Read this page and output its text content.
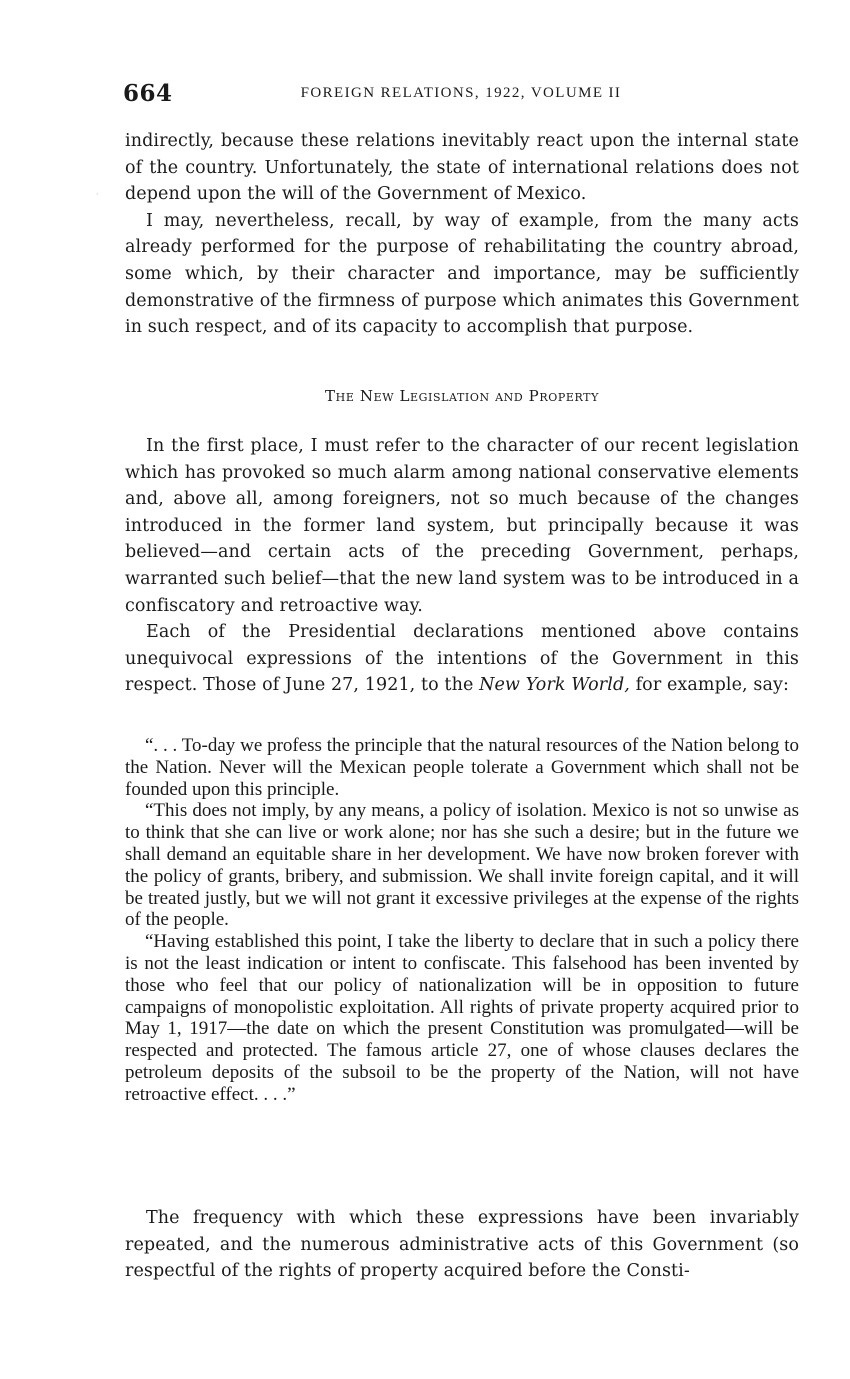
664	FOREIGN RELATIONS, 1922, VOLUME II
·

indirectly, because these relations inevitably react upon the internal state of the country. Unfortunately, the state of international relations does not depend upon the will of the Government of Mexico.

I may, nevertheless, recall, by way of example, from the many acts already performed for the purpose of rehabilitating the country abroad, some which, by their character and importance, may be sufficiently demonstrative of the firmness of purpose which animates this Government in such respect, and of its capacity to accomplish that purpose.

The New Legislation and Property

In the first place, I must refer to the character of our recent legislation which has provoked so much alarm among national conservative elements and, above all, among foreigners, not so much because of the changes introduced in the former land system, but principally because it was believed—and certain acts of the preceding Government, perhaps, warranted such belief—that the new land system was to be introduced in a confiscatory and retroactive way.

Each of the Presidential declarations mentioned above contains unequivocal expressions of the intentions of the Government in this respect. Those of June 27, 1921, to the New York World, for example, say:

“. . . To-day we profess the principle that the natural resources of the Nation belong to the Nation. Never will the Mexican people tolerate a Government which shall not be founded upon this principle.

“This does not imply, by any means, a policy of isolation. Mexico is not so unwise as to think that she can live or work alone; nor has she such a desire; but in the future we shall demand an equitable share in her development. We have now broken forever with the policy of grants, bribery, and submission. We shall invite foreign capital, and it will be treated justly, but we will not grant it excessive privileges at the expense of the rights of the people.

“Having established this point, I take the liberty to declare that in such a policy there is not the least indication or intent to confiscate. This falsehood has been invented by those who feel that our policy of nationalization will be in opposition to future campaigns of monopolistic exploitation. All rights of private property acquired prior to May 1, 1917—the date on which the present Constitution was promulgated—will be respected and protected. The famous article 27, one of whose clauses declares the petroleum deposits of the subsoil to be the property of the Nation, will not have retroactive effect. . . .”

The frequency with which these expressions have been invariably repeated, and the numerous administrative acts of this Government (so respectful of the rights of property acquired before the Consti-
